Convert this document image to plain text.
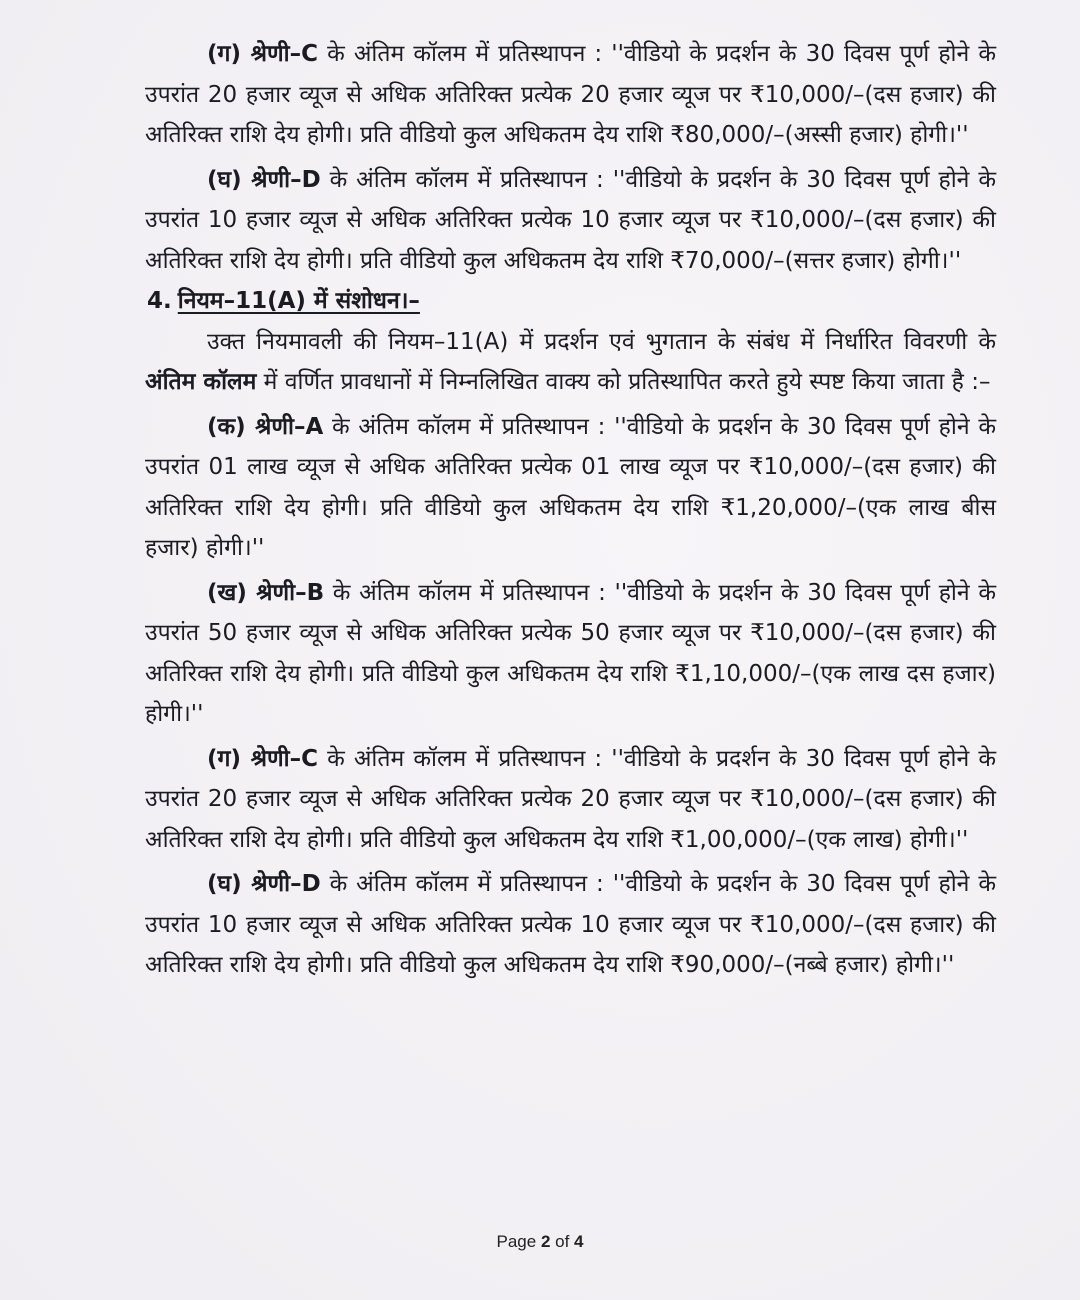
(ग) श्रेणी–C के अंतिम कॉलम में प्रतिस्थापन : ''वीडियो के प्रदर्शन के 30 दिवस पूर्ण होने के उपरांत 20 हजार व्यूज से अधिक अतिरिक्त प्रत्येक 20 हजार व्यूज पर ₹10,000/–(दस हजार) की अतिरिक्त राशि देय होगी। प्रति वीडियो कुल अधिकतम देय राशि ₹80,000/–(अस्सी हजार) होगी।''

(घ) श्रेणी–D के अंतिम कॉलम में प्रतिस्थापन : ''वीडियो के प्रदर्शन के 30 दिवस पूर्ण होने के उपरांत 10 हजार व्यूज से अधिक अतिरिक्त प्रत्येक 10 हजार व्यूज पर ₹10,000/–(दस हजार) की अतिरिक्त राशि देय होगी। प्रति वीडियो कुल अधिकतम देय राशि ₹70,000/–(सत्तर हजार) होगी।''

4. नियम–11(A) में संशोधन।–

उक्त नियमावली की नियम–11(A) में प्रदर्शन एवं भुगतान के संबंध में निर्धारित विवरणी के अंतिम कॉलम में वर्णित प्रावधानों में निम्नलिखित वाक्य को प्रतिस्थापित करते हुये स्पष्ट किया जाता है :–

(क) श्रेणी–A के अंतिम कॉलम में प्रतिस्थापन : ''वीडियो के प्रदर्शन के 30 दिवस पूर्ण होने के उपरांत 01 लाख व्यूज से अधिक अतिरिक्त प्रत्येक 01 लाख व्यूज पर ₹10,000/–(दस हजार) की अतिरिक्त राशि देय होगी। प्रति वीडियो कुल अधिकतम देय राशि ₹1,20,000/–(एक लाख बीस हजार) होगी।''

(ख) श्रेणी–B के अंतिम कॉलम में प्रतिस्थापन : ''वीडियो के प्रदर्शन के 30 दिवस पूर्ण होने के उपरांत 50 हजार व्यूज से अधिक अतिरिक्त प्रत्येक 50 हजार व्यूज पर ₹10,000/–(दस हजार) की अतिरिक्त राशि देय होगी। प्रति वीडियो कुल अधिकतम देय राशि ₹1,10,000/–(एक लाख दस हजार) होगी।''

(ग) श्रेणी–C के अंतिम कॉलम में प्रतिस्थापन : ''वीडियो के प्रदर्शन के 30 दिवस पूर्ण होने के उपरांत 20 हजार व्यूज से अधिक अतिरिक्त प्रत्येक 20 हजार व्यूज पर ₹10,000/–(दस हजार) की अतिरिक्त राशि देय होगी। प्रति वीडियो कुल अधिकतम देय राशि ₹1,00,000/–(एक लाख) होगी।''

(घ) श्रेणी–D के अंतिम कॉलम में प्रतिस्थापन : ''वीडियो के प्रदर्शन के 30 दिवस पूर्ण होने के उपरांत 10 हजार व्यूज से अधिक अतिरिक्त प्रत्येक 10 हजार व्यूज पर ₹10,000/–(दस हजार) की अतिरिक्त राशि देय होगी। प्रति वीडियो कुल अधिकतम देय राशि ₹90,000/–(नब्बे हजार) होगी।''

Page 2 of 4
